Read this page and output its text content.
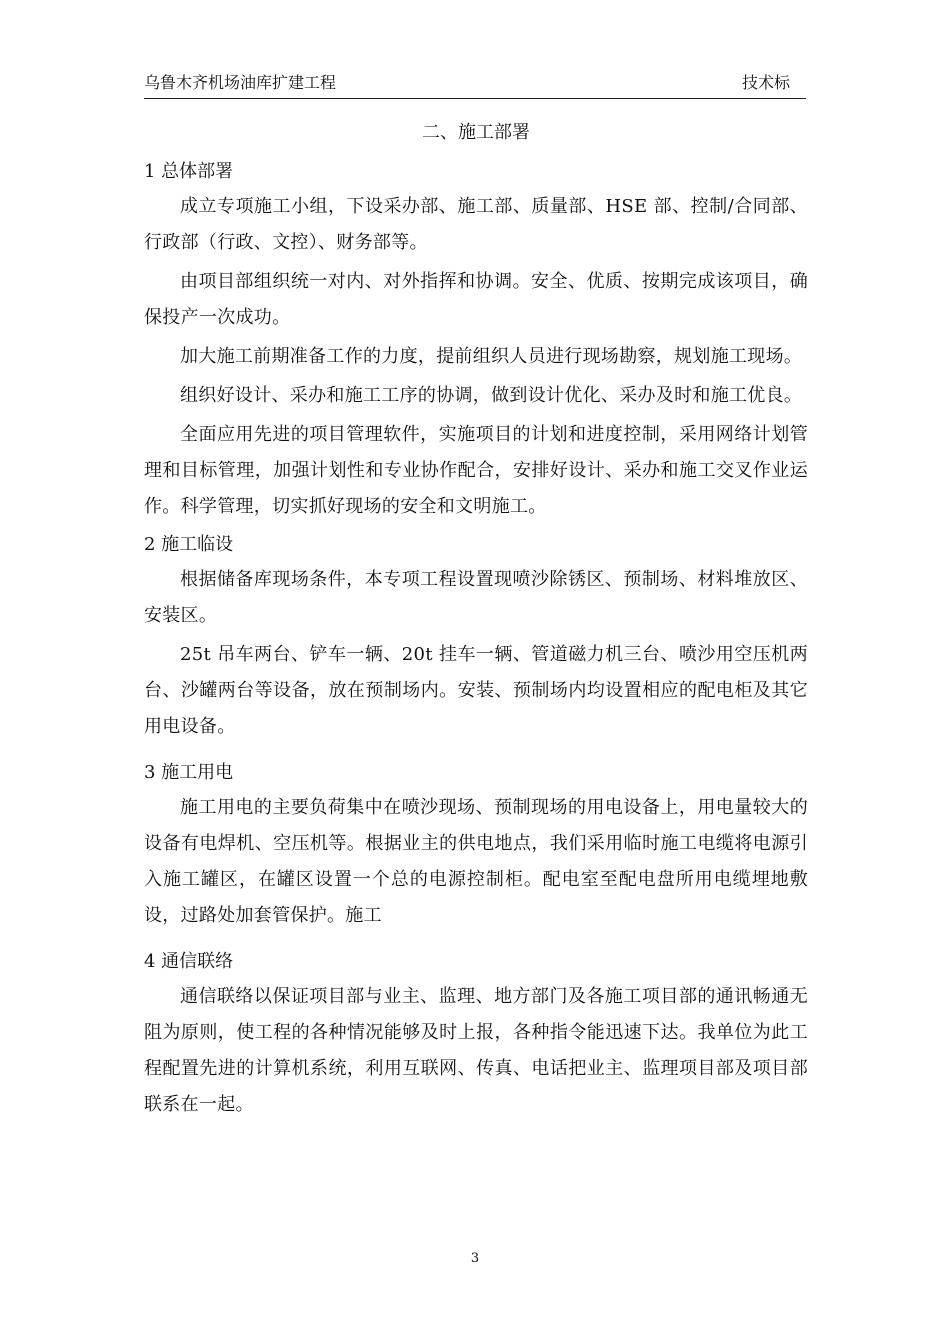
乌鲁木齐机场油库扩建工程	技术标
二、施工部署
1 总体部署

成立专项施工小组，下设采办部、施工部、质量部、HSE 部、控制/合同部、行政部（行政、文控）、财务部等。

由项目部组织统一对内、对外指挥和协调。安全、优质、按期完成该项目，确保投产一次成功。

加大施工前期准备工作的力度，提前组织人员进行现场勘察，规划施工现场。

组织好设计、采办和施工工序的协调，做到设计优化、采办及时和施工优良。

全面应用先进的项目管理软件，实施项目的计划和进度控制，采用网络计划管理和目标管理，加强计划性和专业协作配合，安排好设计、采办和施工交叉作业运作。科学管理，切实抓好现场的安全和文明施工。

2 施工临设

根据储备库现场条件，本专项工程设置现喷沙除锈区、预制场、材料堆放区、安装区。

25t 吊车两台、铲车一辆、20t 挂车一辆、管道磁力机三台、喷沙用空压机两台、沙罐两台等设备，放在预制场内。安装、预制场内均设置相应的配电柜及其它用电设备。

3 施工用电

施工用电的主要负荷集中在喷沙现场、预制现场的用电设备上，用电量较大的设备有电焊机、空压机等。根据业主的供电地点，我们采用临时施工电缆将电源引入施工罐区，在罐区设置一个总的电源控制柜。配电室至配电盘所用电缆埋地敷设，过路处加套管保护。施工

4 通信联络

通信联络以保证项目部与业主、监理、地方部门及各施工项目部的通讯畅通无阻为原则，使工程的各种情况能够及时上报，各种指令能迅速下达。我单位为此工程配置先进的计算机系统，利用互联网、传真、电话把业主、监理项目部及项目部联系在一起。

3
